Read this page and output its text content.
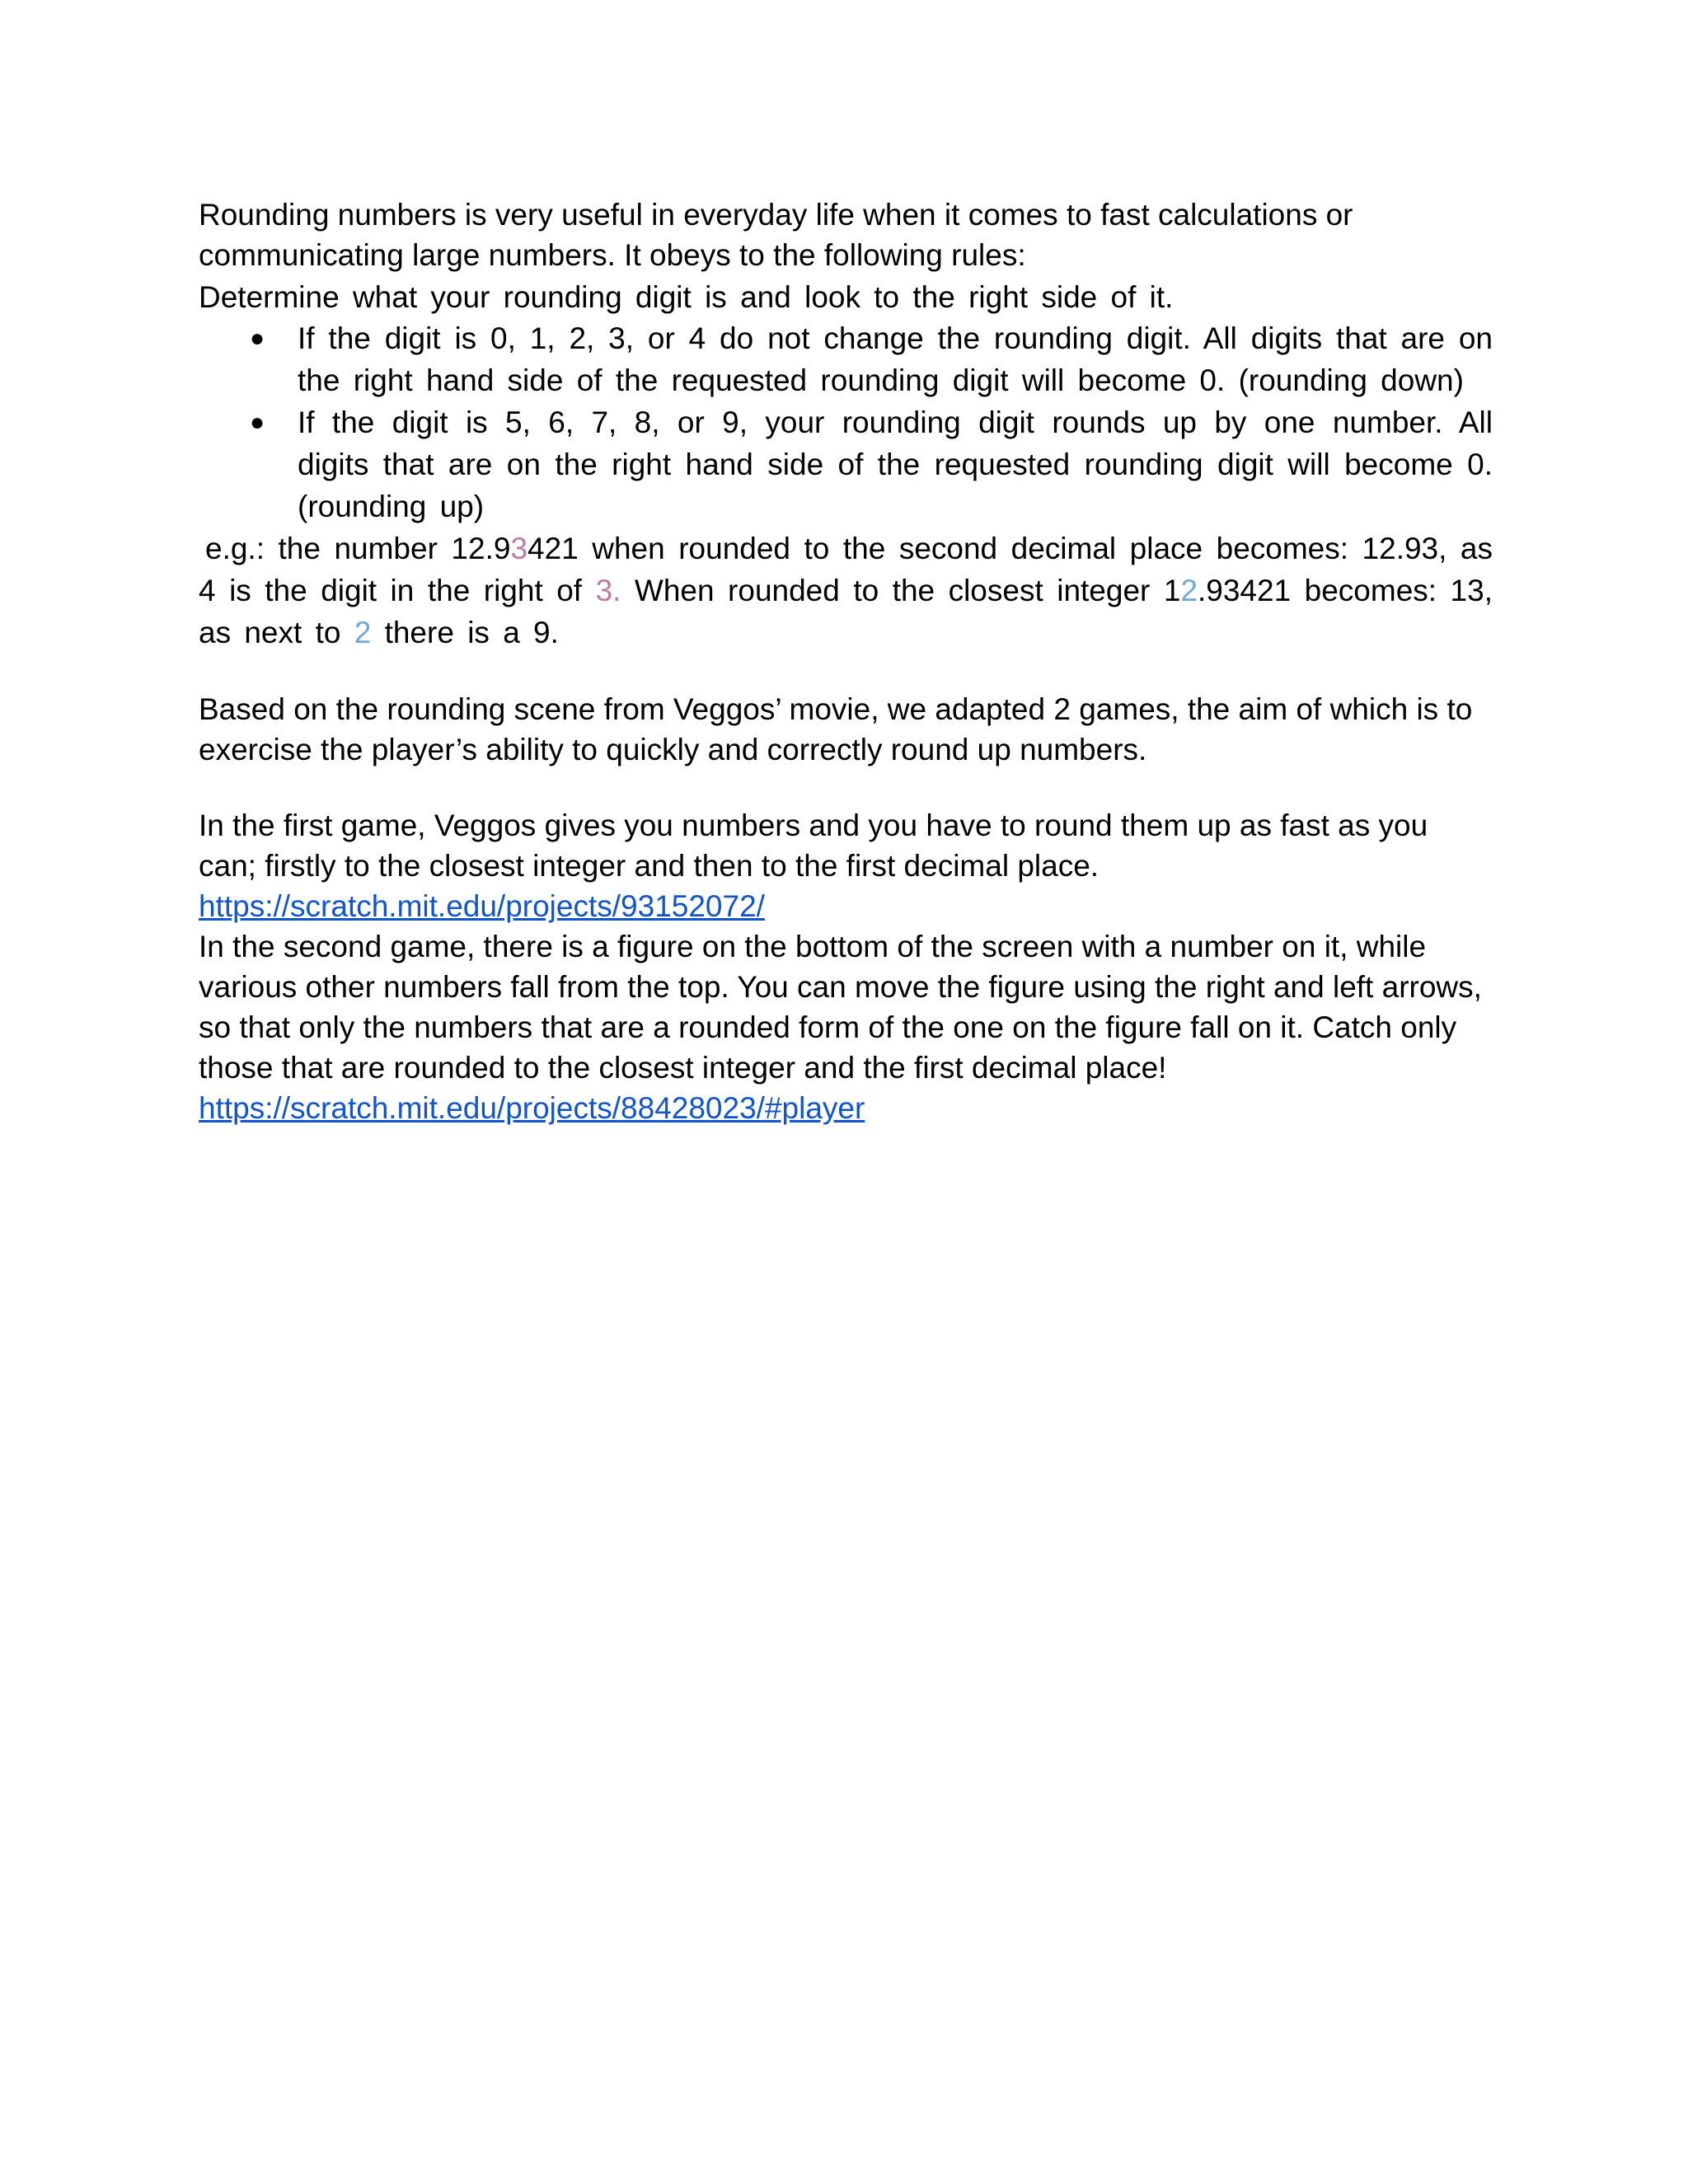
Rounding numbers is very useful in everyday life when it comes to fast calculations or
communicating large numbers. It obeys to the following rules:

Determine what your rounding digit is and look to the right side of it.

● If the digit is 0, 1, 2, 3, or 4 do not change the rounding digit. All digits that are on the right hand side of the requested rounding digit will become 0. (rounding down)
● If the digit is 5, 6, 7, 8, or 9, your rounding digit rounds up by one number. All digits that are on the right hand side of the requested rounding digit will become 0. (rounding up)

e.g.: the number 12.93421 when rounded to the second decimal place becomes: 12.93, as 4 is the digit in the right of 3. When rounded to the closest integer 12.93421 becomes: 13, as next to 2 there is a 9.

Based on the rounding scene from Veggos’ movie, we adapted 2 games, the aim of which is to exercise the player’s ability to quickly and correctly round up numbers.

In the first game, Veggos gives you numbers and you have to round them up as fast as you can; firstly to the closest integer and then to the first decimal place.

https://scratch.mit.edu/projects/93152072/

In the second game, there is a figure on the bottom of the screen with a number on it, while various other numbers fall from the top. You can move the figure using the right and left arrows, so that only the numbers that are a rounded form of the one on the figure fall on it. Catch only those that are rounded to the closest integer and the first decimal place!

https://scratch.mit.edu/projects/88428023/#player
